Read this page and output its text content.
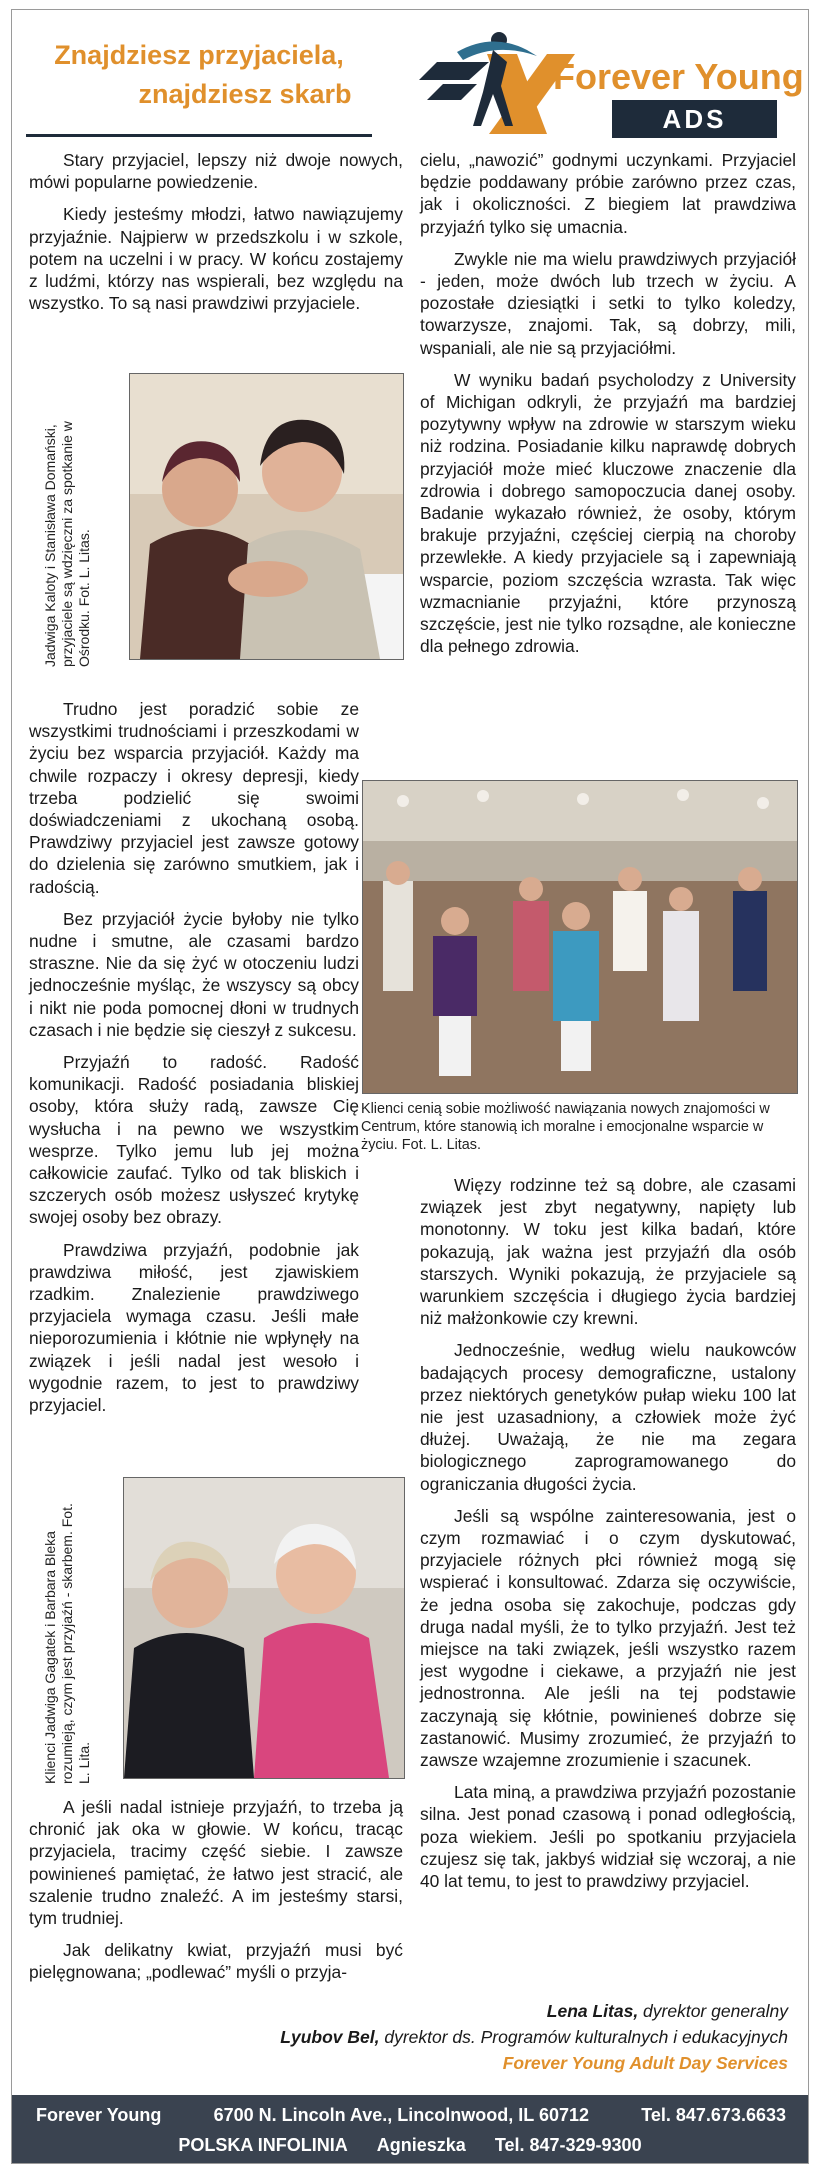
Znajdziesz przyjaciela,
znajdziesz skarb	Forever Young
ADS

Stary przyjaciel, lepszy niż dwoje nowych, mówi popularne powiedzenie.

Kiedy jesteśmy młodzi, łatwo nawiązujemy przyjaźnie. Najpierw w przedszkolu i w szkole, potem na uczelni i w pracy. W końcu zostajemy z ludźmi, którzy nas wspierali, bez względu na wszystko. To są nasi prawdziwi przyjaciele.

Jadwiga Kaloty i Stanisława Domański, przyjaciele są wdzięczni za spotkanie w Ośrodku. Fot. L. Litas.

Trudno jest poradzić sobie ze wszystkimi trudnościami i przeszkodami w życiu bez wsparcia przyjaciół. Każdy ma chwile rozpaczy i okresy depresji, kiedy trzeba podzielić się swoimi doświadczeniami z ukochaną osobą. Prawdziwy przyjaciel jest zawsze gotowy do dzielenia się zarówno smutkiem, jak i radością.

Bez przyjaciół życie byłoby nie tylko nudne i smutne, ale czasami bardzo straszne. Nie da się żyć w otoczeniu ludzi jednocześnie myśląc, że wszyscy są obcy i nikt nie poda pomocnej dłoni w trudnych czasach i nie będzie się cieszył z sukcesu.

Przyjaźń to radość. Radość komunikacji. Radość posiadania bliskiej osoby, która służy radą, zawsze Cię wysłucha i na pewno we wszystkim wesprze. Tylko jemu lub jej można całkowicie zaufać. Tylko od tak bliskich i szczerych osób możesz usłyszeć krytykę swojej osoby bez obrazy.

Prawdziwa przyjaźń, podobnie jak prawdziwa miłość, jest zjawiskiem rzadkim. Znalezienie prawdziwego przyjaciela wymaga czasu. Jeśli małe nieporozumienia i kłótnie nie wpłynęły na związek i jeśli nadal jest wesoło i wygodnie razem, to jest to prawdziwy przyjaciel.

Klienci Jadwiga Gagatek i Barbara Bleka rozumieją, czym jest przyjaźń - skarbem. Fot. L. Lita.

A jeśli nadal istnieje przyjaźń, to trzeba ją chronić jak oka w głowie. W końcu, tracąc przyjaciela, tracimy część siebie. I zawsze powinieneś pamiętać, że łatwo jest stracić, ale szalenie trudno znaleźć. A im jesteśmy starsi, tym trudniej.

Jak delikatny kwiat, przyjaźń musi być pielęgnowana; „podlewać” myśli o przyja-

cielu, „nawozić” godnymi uczynkami. Przyjaciel będzie poddawany próbie zarówno przez czas, jak i okoliczności. Z biegiem lat prawdziwa przyjaźń tylko się umacnia.

Zwykle nie ma wielu prawdziwych przyjaciół - jeden, może dwóch lub trzech w życiu. A pozostałe dziesiątki i setki to tylko koledzy, towarzysze, znajomi. Tak, są dobrzy, mili, wspaniali, ale nie są przyjaciółmi.

W wyniku badań psycholodzy z University of Michigan odkryli, że przyjaźń ma bardziej pozytywny wpływ na zdrowie w starszym wieku niż rodzina. Posiadanie kilku naprawdę dobrych przyjaciół może mieć kluczowe znaczenie dla zdrowia i dobrego samopoczucia danej osoby. Badanie wykazało również, że osoby, którym brakuje przyjaźni, częściej cierpią na choroby przewlekłe. A kiedy przyjaciele są i zapewniają wsparcie, poziom szczęścia wzrasta. Tak więc wzmacnianie przyjaźni, które przynoszą szczęście, jest nie tylko rozsądne, ale konieczne dla pełnego zdrowia.

Klienci cenią sobie możliwość nawiązania nowych znajomości w Centrum, które stanowią ich moralne i emocjonalne wsparcie w życiu. Fot. L. Litas.

Więzy rodzinne też są dobre, ale czasami związek jest zbyt negatywny, napięty lub monotonny. W toku jest kilka badań, które pokazują, jak ważna jest przyjaźń dla osób starszych. Wyniki pokazują, że przyjaciele są warunkiem szczęścia i długiego życia bardziej niż małżonkowie czy krewni.

Jednocześnie, według wielu naukowców badających procesy demograficzne, ustalony przez niektórych genetyków pułap wieku 100 lat nie jest uzasadniony, a człowiek może żyć dłużej. Uważają, że nie ma zegara biologicznego zaprogramowanego do ograniczania długości życia.

Jeśli są wspólne zainteresowania, jest o czym rozmawiać i o czym dyskutować, przyjaciele różnych płci również mogą się wspierać i konsultować. Zdarza się oczywiście, że jedna osoba się zakochuje, podczas gdy druga nadal myśli, że to tylko przyjaźń. Jest też miejsce na taki związek, jeśli wszystko razem jest wygodne i ciekawe, a przyjaźń nie jest jednostronna. Ale jeśli na tej podstawie zaczynają się kłótnie, powinieneś dobrze się zastanowić. Musimy zrozumieć, że przyjaźń to zawsze wzajemne zrozumienie i szacunek.

Lata miną, a prawdziwa przyjaźń pozostanie silna. Jest ponad czasową i ponad odległością, poza wiekiem. Jeśli po spotkaniu przyjaciela czujesz się tak, jakbyś widział się wczoraj, a nie 40 lat temu, to jest to prawdziwy przyjaciel.

Lena Litas, dyrektor generalny
Lyubov Bel, dyrektor ds. Programów kulturalnych i edukacyjnych
Forever Young Adult Day Services
Forever Young	6700 N. Lincoln Ave., Lincolnwood, IL 60712	Tel. 847.673.6633
POLSKA INFOLINIA Agnieszka Tel. 847-329-9300
